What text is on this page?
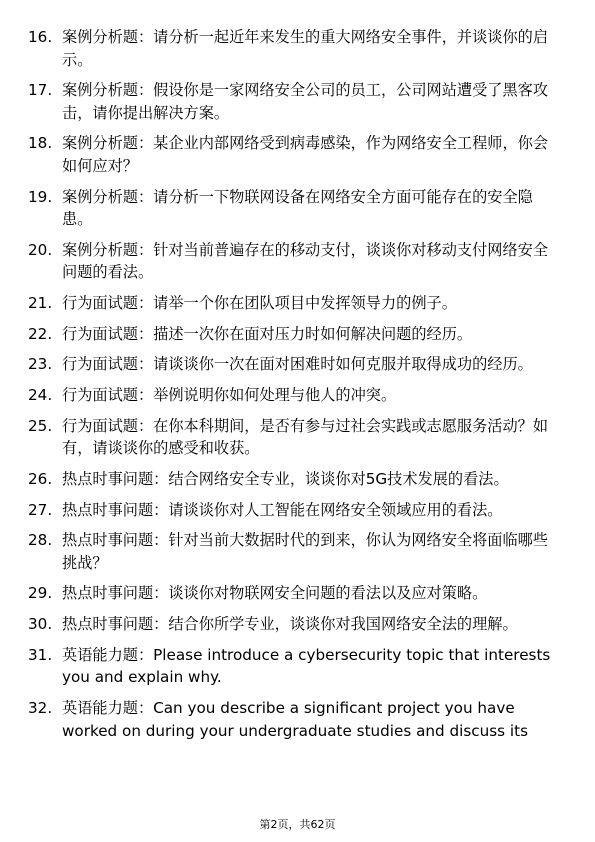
16. 案例分析题：请分析一起近年来发生的重大网络安全事件，并谈谈你的启示。
17. 案例分析题：假设你是一家网络安全公司的员工，公司网站遭受了黑客攻击，请你提出解决方案。
18. 案例分析题：某企业内部网络受到病毒感染，作为网络安全工程师，你会如何应对？
19. 案例分析题：请分析一下物联网设备在网络安全方面可能存在的安全隐患。
20. 案例分析题：针对当前普遍存在的移动支付，谈谈你对移动支付网络安全问题的看法。
21. 行为面试题：请举一个你在团队项目中发挥领导力的例子。
22. 行为面试题：描述一次你在面对压力时如何解决问题的经历。
23. 行为面试题：请谈谈你一次在面对困难时如何克服并取得成功的经历。
24. 行为面试题：举例说明你如何处理与他人的冲突。
25. 行为面试题：在你本科期间，是否有参与过社会实践或志愿服务活动？如有，请谈谈你的感受和收获。
26. 热点时事问题：结合网络安全专业，谈谈你对5G技术发展的看法。
27. 热点时事问题：请谈谈你对人工智能在网络安全领域应用的看法。
28. 热点时事问题：针对当前大数据时代的到来，你认为网络安全将面临哪些挑战？
29. 热点时事问题：谈谈你对物联网安全问题的看法以及应对策略。
30. 热点时事问题：结合你所学专业，谈谈你对我国网络安全法的理解。
31. 英语能力题：Please introduce a cybersecurity topic that interests you and explain why.
32. 英语能力题：Can you describe a significant project you have worked on during your undergraduate studies and discuss its
第2页，共62页
